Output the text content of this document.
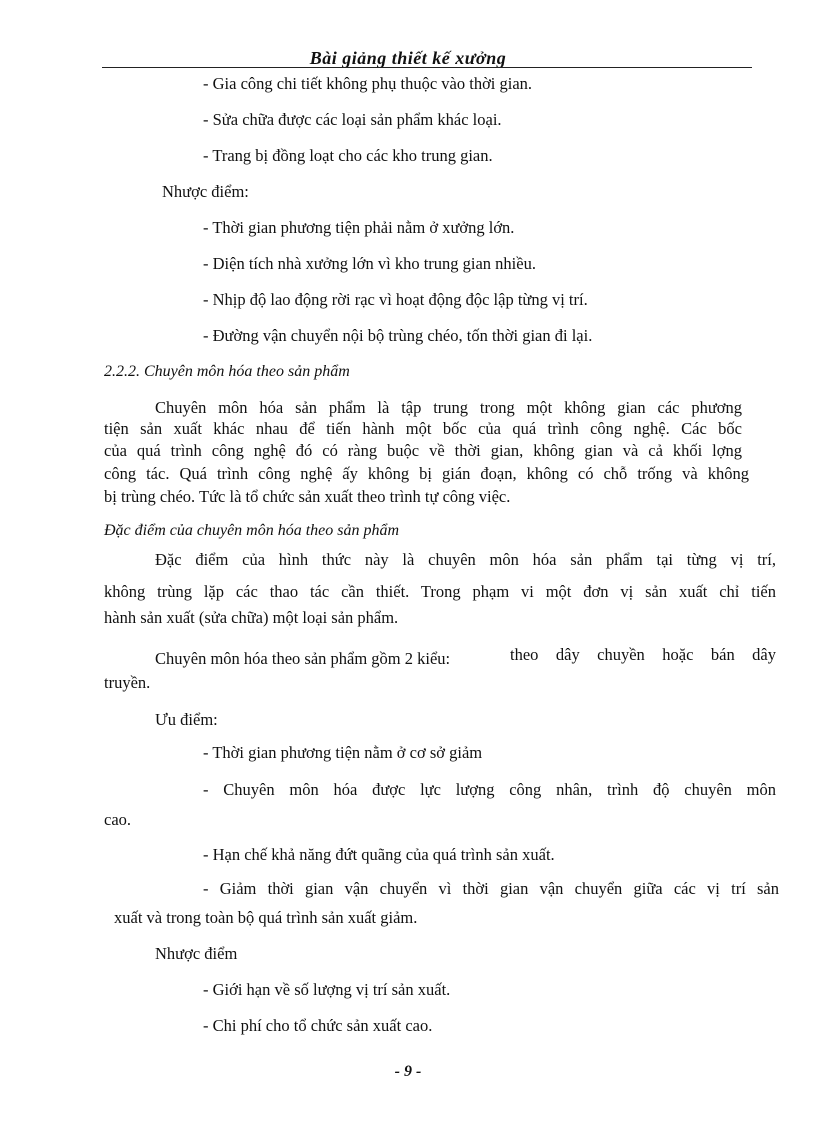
Bài giảng thiết kế xưởng
- Gia công chi tiết không phụ thuộc vào thời gian.
- Sửa chữa được các loại sản phẩm khác loại.
- Trang bị đồng loạt cho các kho trung gian.
Nhược điểm:
- Thời gian phương tiện phải nằm ở xưởng lớn.
- Diện tích nhà xưởng lớn vì kho trung gian nhiều.
- Nhịp độ lao động rời rạc vì hoạt động độc lập từng vị trí.
- Đường vận chuyển nội bộ trùng chéo, tốn thời gian đi lại.
2.2.2. Chuyên môn hóa theo sản phẩm
Chuyên môn hóa sản phẩm là tập trung trong một không gian các phương
tiện sản xuất khác nhau để tiến hành một bốc của quá trình công nghệ. Các bốc
của quá trình công nghệ đó có ràng buộc về thời gian, không gian và cả khối lợng
công tác. Quá trình công nghệ ấy không bị gián đoạn, không có chỗ trống và không
bị trùng chéo. Tức là tổ chức sản xuất theo trình tự công việc.
Đặc điểm của chuyên môn hóa theo sản phẩm
Đặc điểm của hình thức này là chuyên môn hóa sản phẩm tại từng vị trí,
không trùng lặp các thao tác cần thiết. Trong phạm vi một đơn vị sản xuất chỉ tiến
hành sản xuất (sửa chữa) một loại sản phẩm.
Chuyên môn hóa theo sản phẩm gồm 2 kiểu:	theo dây chuyền hoặc bán dây
truyền.
Ưu điểm:
- Thời gian phương tiện nằm ở cơ sở giảm
- Chuyên môn hóa được lực lượng công nhân, trình độ chuyên môn
cao.
- Hạn chế khả năng đứt quãng của quá trình sản xuất.
- Giảm thời gian vận chuyển vì thời gian vận chuyển giữa các vị trí sản
xuất và trong toàn bộ quá trình sản xuất giảm.
Nhược điểm
- Giới hạn về số lượng vị trí sản xuất.
- Chi phí cho tổ chức sản xuất cao.
- 9 -
